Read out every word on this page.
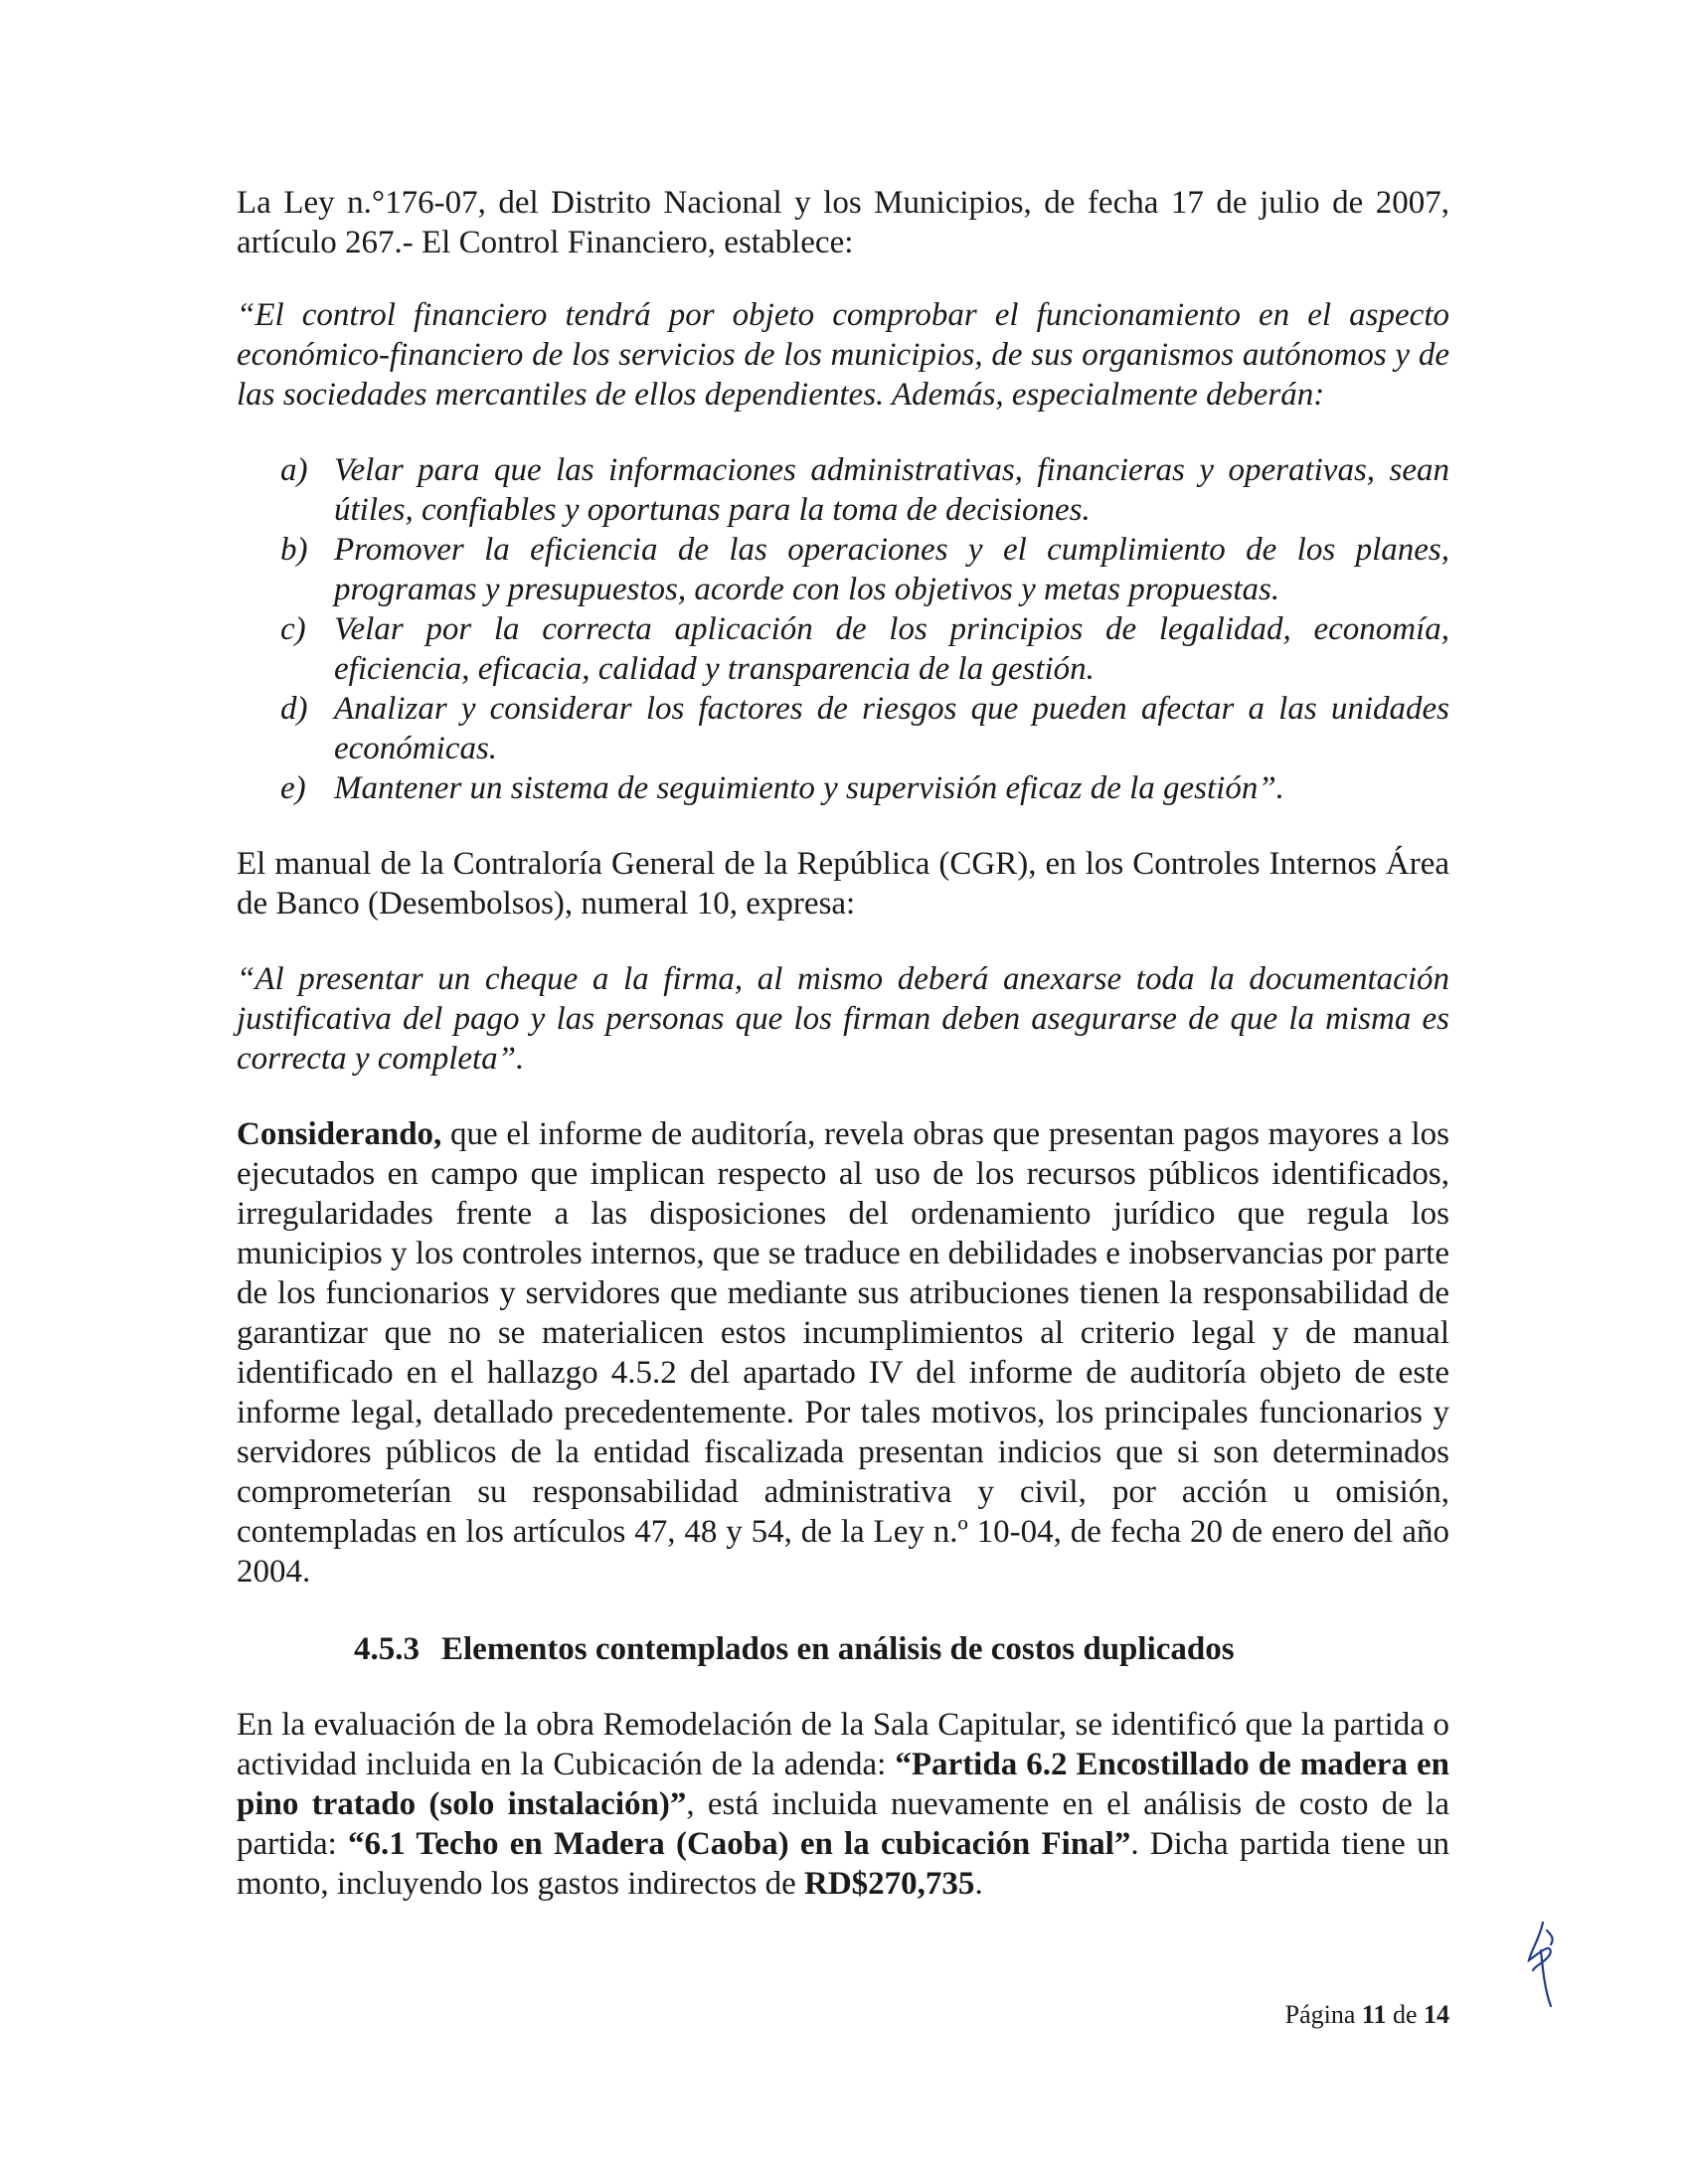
La Ley n.°176-07, del Distrito Nacional y los Municipios, de fecha 17 de julio de 2007, artículo 267.- El Control Financiero, establece:

“El control financiero tendrá por objeto comprobar el funcionamiento en el aspecto económico-financiero de los servicios de los municipios, de sus organismos autónomos y de las sociedades mercantiles de ellos dependientes. Además, especialmente deberán:

a) Velar para que las informaciones administrativas, financieras y operativas, sean útiles, confiables y oportunas para la toma de decisiones.
b) Promover la eficiencia de las operaciones y el cumplimiento de los planes, programas y presupuestos, acorde con los objetivos y metas propuestas.
c) Velar por la correcta aplicación de los principios de legalidad, economía, eficiencia, eficacia, calidad y transparencia de la gestión.
d) Analizar y considerar los factores de riesgos que pueden afectar a las unidades económicas.
e) Mantener un sistema de seguimiento y supervisión eficaz de la gestión”.

El manual de la Contraloría General de la República (CGR), en los Controles Internos Área de Banco (Desembolsos), numeral 10, expresa:

“Al presentar un cheque a la firma, al mismo deberá anexarse toda la documentación justificativa del pago y las personas que los firman deben asegurarse de que la misma es correcta y completa”.

Considerando, que el informe de auditoría, revela obras que presentan pagos mayores a los ejecutados en campo que implican respecto al uso de los recursos públicos identificados, irregularidades frente a las disposiciones del ordenamiento jurídico que regula los municipios y los controles internos, que se traduce en debilidades e inobservancias por parte de los funcionarios y servidores que mediante sus atribuciones tienen la responsabilidad de garantizar que no se materialicen estos incumplimientos al criterio legal y de manual identificado en el hallazgo 4.5.2 del apartado IV del informe de auditoría objeto de este informe legal, detallado precedentemente. Por tales motivos, los principales funcionarios y servidores públicos de la entidad fiscalizada presentan indicios que si son determinados comprometerían su responsabilidad administrativa y civil, por acción u omisión, contempladas en los artículos 47, 48 y 54, de la Ley n.º 10-04, de fecha 20 de enero del año 2004.

4.5.3 Elementos contemplados en análisis de costos duplicados

En la evaluación de la obra Remodelación de la Sala Capitular, se identificó que la partida o actividad incluida en la Cubicación de la adenda: “Partida 6.2 Encostillado de madera en pino tratado (solo instalación)”, está incluida nuevamente en el análisis de costo de la partida: “6.1 Techo en Madera (Caoba) en la cubicación Final”. Dicha partida tiene un monto, incluyendo los gastos indirectos de RD$270,735.

Página 11 de 14
